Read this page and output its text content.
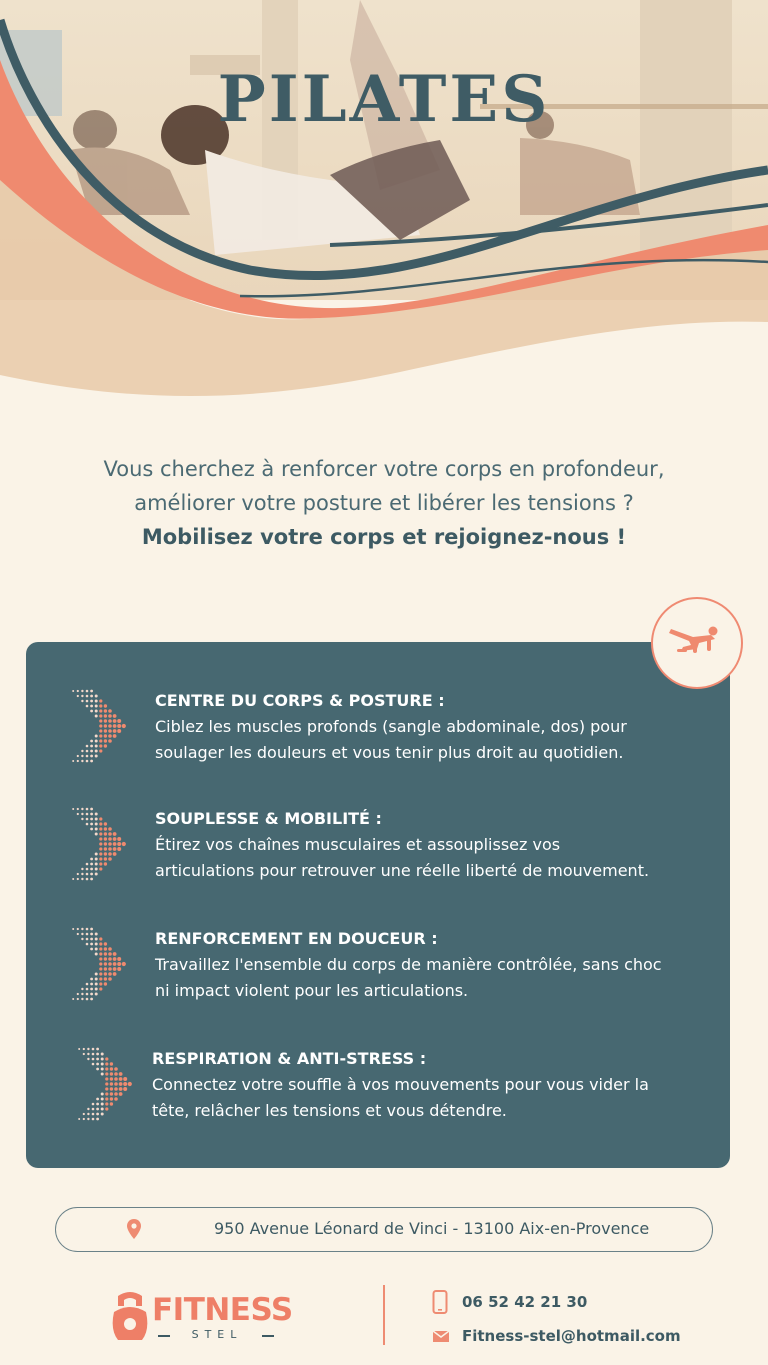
PILATES
Vous cherchez à renforcer votre corps en profondeur,
améliorer votre posture et libérer les tensions ?
Mobilisez votre corps et rejoignez-nous !
CENTRE DU CORPS & POSTURE :
Ciblez les muscles profonds (sangle abdominale, dos) pour
soulager les douleurs et vous tenir plus droit au quotidien.
SOUPLESSE & MOBILITÉ :
Étirez vos chaînes musculaires et assouplissez vos
articulations pour retrouver une réelle liberté de mouvement.
RENFORCEMENT EN DOUCEUR :
Travaillez l'ensemble du corps de manière contrôlée, sans choc
ni impact violent pour les articulations.
RESPIRATION & ANTI-STRESS :
Connectez votre souffle à vos mouvements pour vous vider la
tête, relâcher les tensions et vous détendre.
950 Avenue Léonard de Vinci - 13100 Aix-en-Provence
FITNESS
STEL
06 52 42 21 30
Fitness-stel@hotmail.com
